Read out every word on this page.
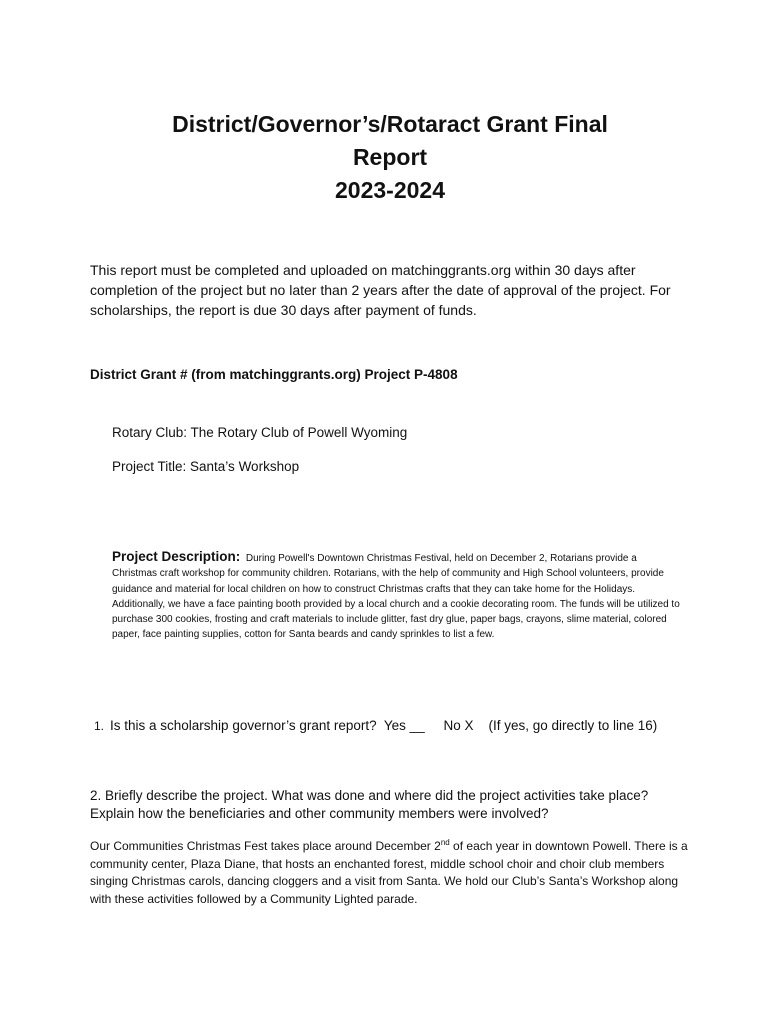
District/Governor’s/Rotaract Grant Final
Report
2023-2024

This report must be completed and uploaded on matchinggrants.org within 30 days after completion of the project but no later than 2 years after the date of approval of the project. For scholarships, the report is due 30 days after payment of funds.

District Grant # (from matchinggrants.org) Project P-4808
Rotary Club: The Rotary Club of Powell Wyoming
Project Title: Santa’s Workshop

Project Description: During Powell's Downtown Christmas Festival, held on December 2, Rotarians provide a Christmas craft workshop for community children. Rotarians, with the help of community and High School volunteers, provide guidance and material for local children on how to construct Christmas crafts that they can take home for the Holidays. Additionally, we have a face painting booth provided by a local church and a cookie decorating room. The funds will be utilized to purchase 300 cookies, frosting and craft materials to include glitter, fast dry glue, paper bags, crayons, slime material, colored paper, face painting supplies, cotton for Santa beards and candy sprinkles to list a few.

1. Is this a scholarship governor’s grant report?  Yes __     No X    (If yes, go directly to line 16)

2. Briefly describe the project. What was done and where did the project activities take place? Explain how the beneficiaries and other community members were involved?

Our Communities Christmas Fest takes place around December 2nd of each year in downtown Powell. There is a community center, Plaza Diane, that hosts an enchanted forest, middle school choir and choir club members singing Christmas carols, dancing cloggers and a visit from Santa. We hold our Club’s Santa’s Workshop along with these activities followed by a Community Lighted parade.
